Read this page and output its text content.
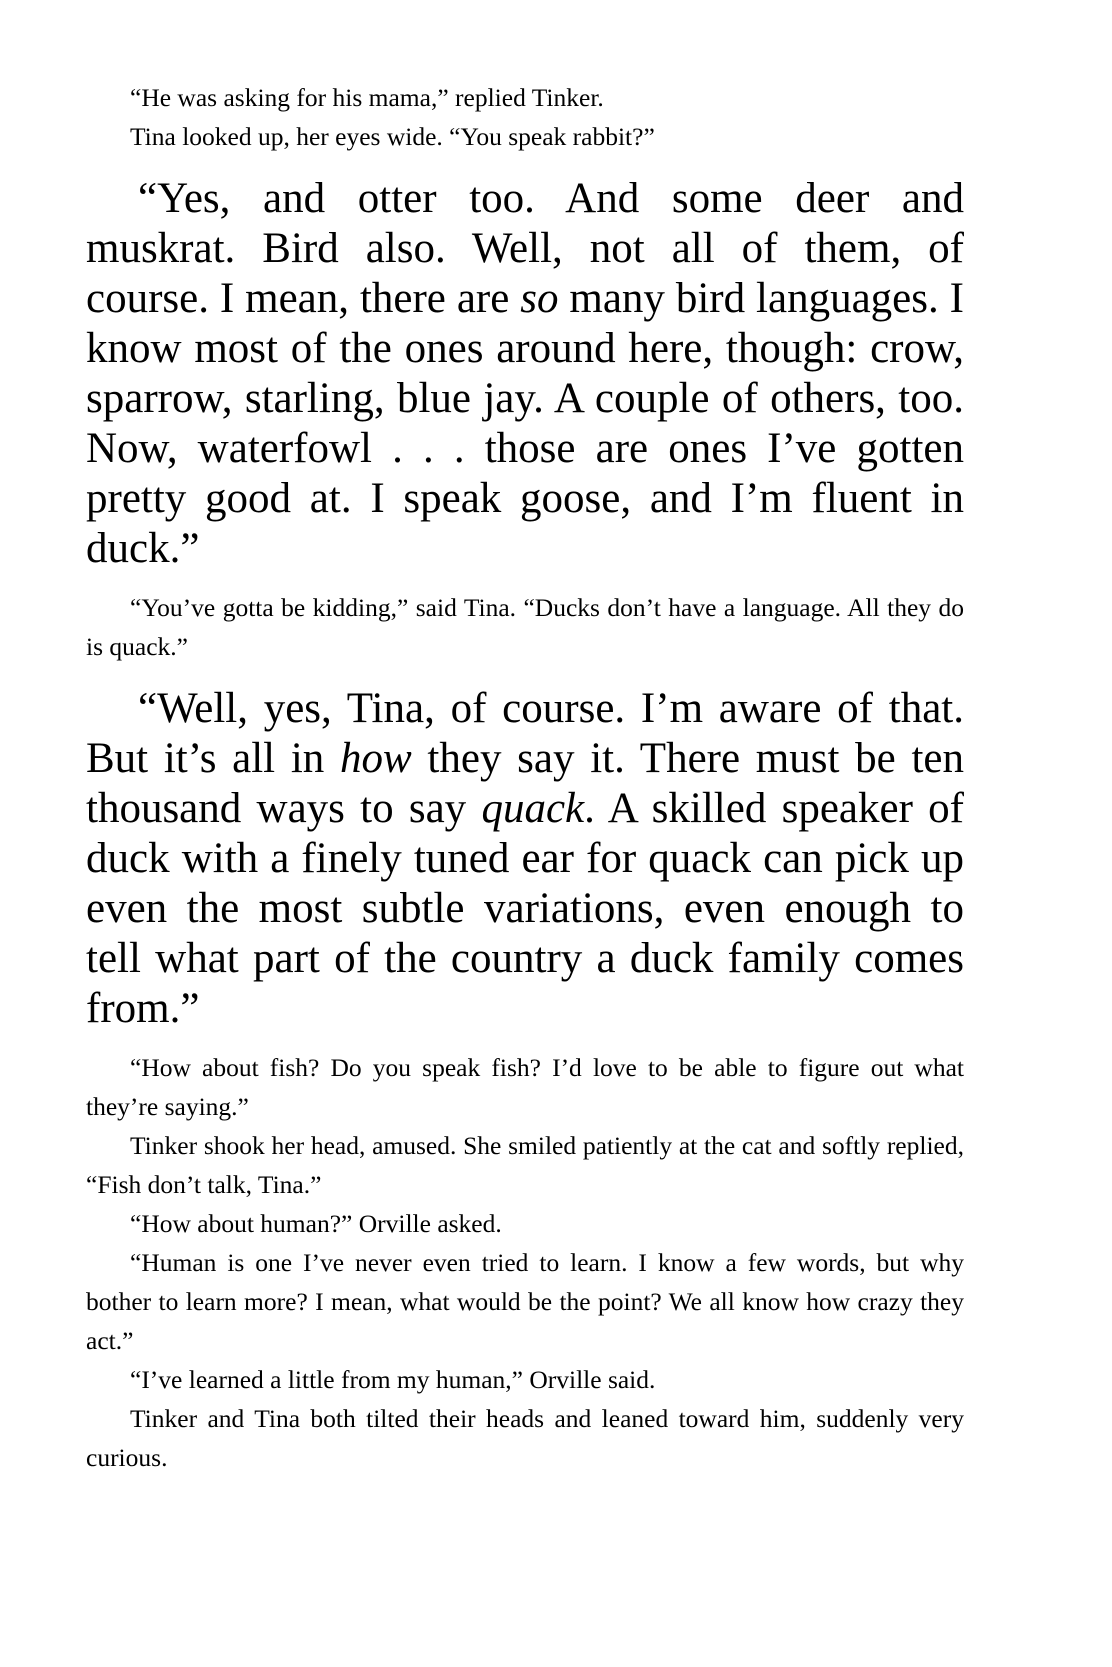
“He was asking for his mama,” replied Tinker.

Tina looked up, her eyes wide. “You speak rabbit?”

“Yes, and otter too. And some deer and muskrat. Bird also. Well, not all of them, of course. I mean, there are so many bird languages. I know most of the ones around here, though: crow, sparrow, starling, blue jay. A couple of others, too. Now, waterfowl . . . those are ones I’ve gotten pretty good at. I speak goose, and I’m fluent in duck.”

“You’ve gotta be kidding,” said Tina. “Ducks don’t have a language. All they do is quack.”

“Well, yes, Tina, of course. I’m aware of that. But it’s all in how they say it. There must be ten thousand ways to say quack. A skilled speaker of duck with a finely tuned ear for quack can pick up even the most subtle variations, even enough to tell what part of the country a duck family comes from.”

“How about fish? Do you speak fish? I’d love to be able to figure out what they’re saying.”

Tinker shook her head, amused. She smiled patiently at the cat and softly replied, “Fish don’t talk, Tina.”

“How about human?” Orville asked.

“Human is one I’ve never even tried to learn. I know a few words, but why bother to learn more? I mean, what would be the point? We all know how crazy they act.”

“I’ve learned a little from my human,” Orville said.

Tinker and Tina both tilted their heads and leaned toward him, suddenly very curious.
